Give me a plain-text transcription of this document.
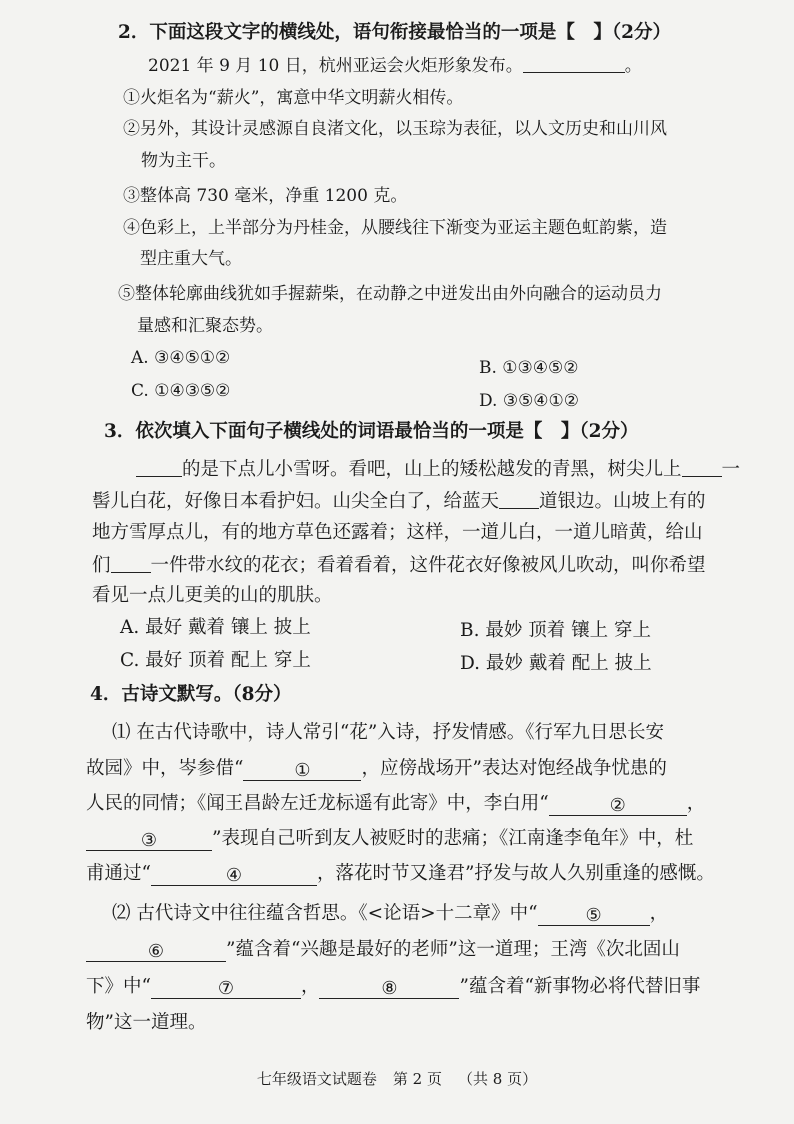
2．下面这段文字的横线处，语句衔接最恰当的一项是【　】（2分）
2021 年 9 月 10 日，杭州亚运会火炬形象发布。	。
①火炬名为“薪火”，寓意中华文明薪火相传。
②另外，其设计灵感源自良渚文化，以玉琮为表征，以人文历史和山川风
物为主干。
③整体高 730 毫米，净重 1200 克。
④色彩上，上半部分为丹桂金，从腰线往下渐变为亚运主题色虹韵紫，造
型庄重大气。
⑤整体轮廓曲线犹如手握薪柴，在动静之中迸发出由外向融合的运动员力
量感和汇聚态势。
A. ③④⑤①②	B. ①③④⑤②
C. ①④③⑤②	D. ③⑤④①②
3．依次填入下面句子横线处的词语最恰当的一项是【　】（2分）
的是下点儿小雪呀。看吧，山上的矮松越发的青黑，树尖儿上 一
髻儿白花，好像日本看护妇。山尖全白了，给蓝天 道银边。山坡上有的
地方雪厚点儿，有的地方草色还露着；这样，一道儿白，一道儿暗黄，给山
们 一件带水纹的花衣；看着看着，这件花衣好像被风儿吹动，叫你希望
看见一点儿更美的山的肌肤。
A. 最好 戴着 镶上 披上	B. 最妙 顶着 镶上 穿上
C. 最好 顶着 配上 穿上	D. 最妙 戴着 配上 披上
4．古诗文默写。（8分）
⑴ 在古代诗歌中，诗人常引“花”入诗，抒发情感。《行军九日思长安
故园》中，岑参借“	①	，应傍战场开”表达对饱经战争忧患的
人民的同情；《闻王昌龄左迁龙标遥有此寄》中，李白用“	②	，
③	”表现自己听到友人被贬时的悲痛；《江南逢李龟年》中，杜
甫通过“	④	，落花时节又逢君”抒发与故人久别重逢的感慨。
⑵ 古代诗文中往往蕴含哲思。《<论语>十二章》中“	⑤	，
⑥	”蕴含着“兴趣是最好的老师”这一道理；王湾《次北固山
下》中“	⑦	，	⑧	”蕴含着“新事物必将代替旧事
物”这一道理。
七年级语文试题卷 第 2 页 （共 8 页）
